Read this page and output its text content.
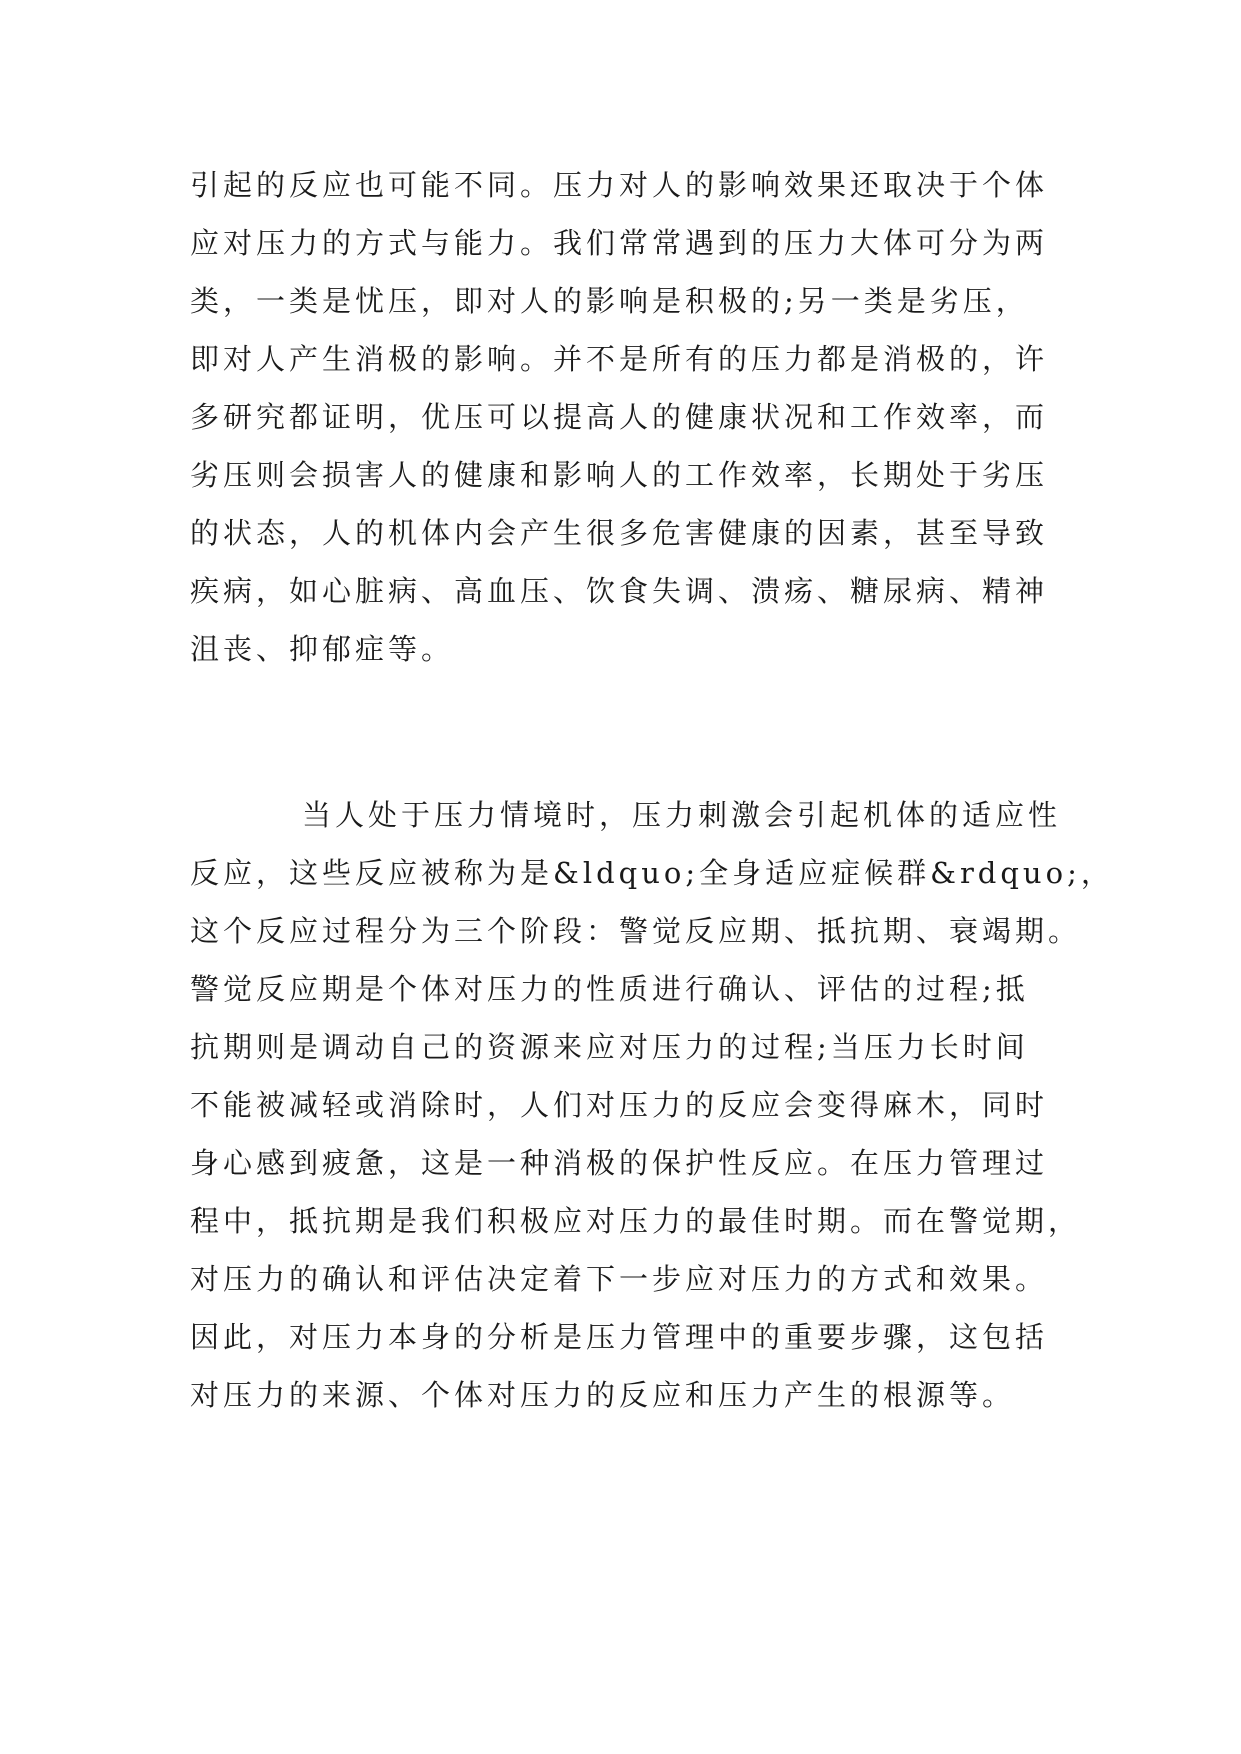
引起的反应也可能不同。压力对人的影响效果还取决于个体
应对压力的方式与能力。我们常常遇到的压力大体可分为两
类，一类是忧压，即对人的影响是积极的;另一类是劣压，
即对人产生消极的影响。并不是所有的压力都是消极的，许
多研究都证明，优压可以提高人的健康状况和工作效率，而
劣压则会损害人的健康和影响人的工作效率，长期处于劣压
的状态，人的机体内会产生很多危害健康的因素，甚至导致
疾病，如心脏病、高血压、饮食失调、溃疡、糖尿病、精神
沮丧、抑郁症等。
当人处于压力情境时，压力刺激会引起机体的适应性
反应，这些反应被称为是&ldquo;全身适应症候群&rdquo;，
这个反应过程分为三个阶段：警觉反应期、抵抗期、衰竭期。
警觉反应期是个体对压力的性质进行确认、评估的过程;抵
抗期则是调动自己的资源来应对压力的过程;当压力长时间
不能被减轻或消除时，人们对压力的反应会变得麻木，同时
身心感到疲惫，这是一种消极的保护性反应。在压力管理过
程中，抵抗期是我们积极应对压力的最佳时期。而在警觉期，
对压力的确认和评估决定着下一步应对压力的方式和效果。
因此，对压力本身的分析是压力管理中的重要步骤，这包括
对压力的来源、个体对压力的反应和压力产生的根源等。
